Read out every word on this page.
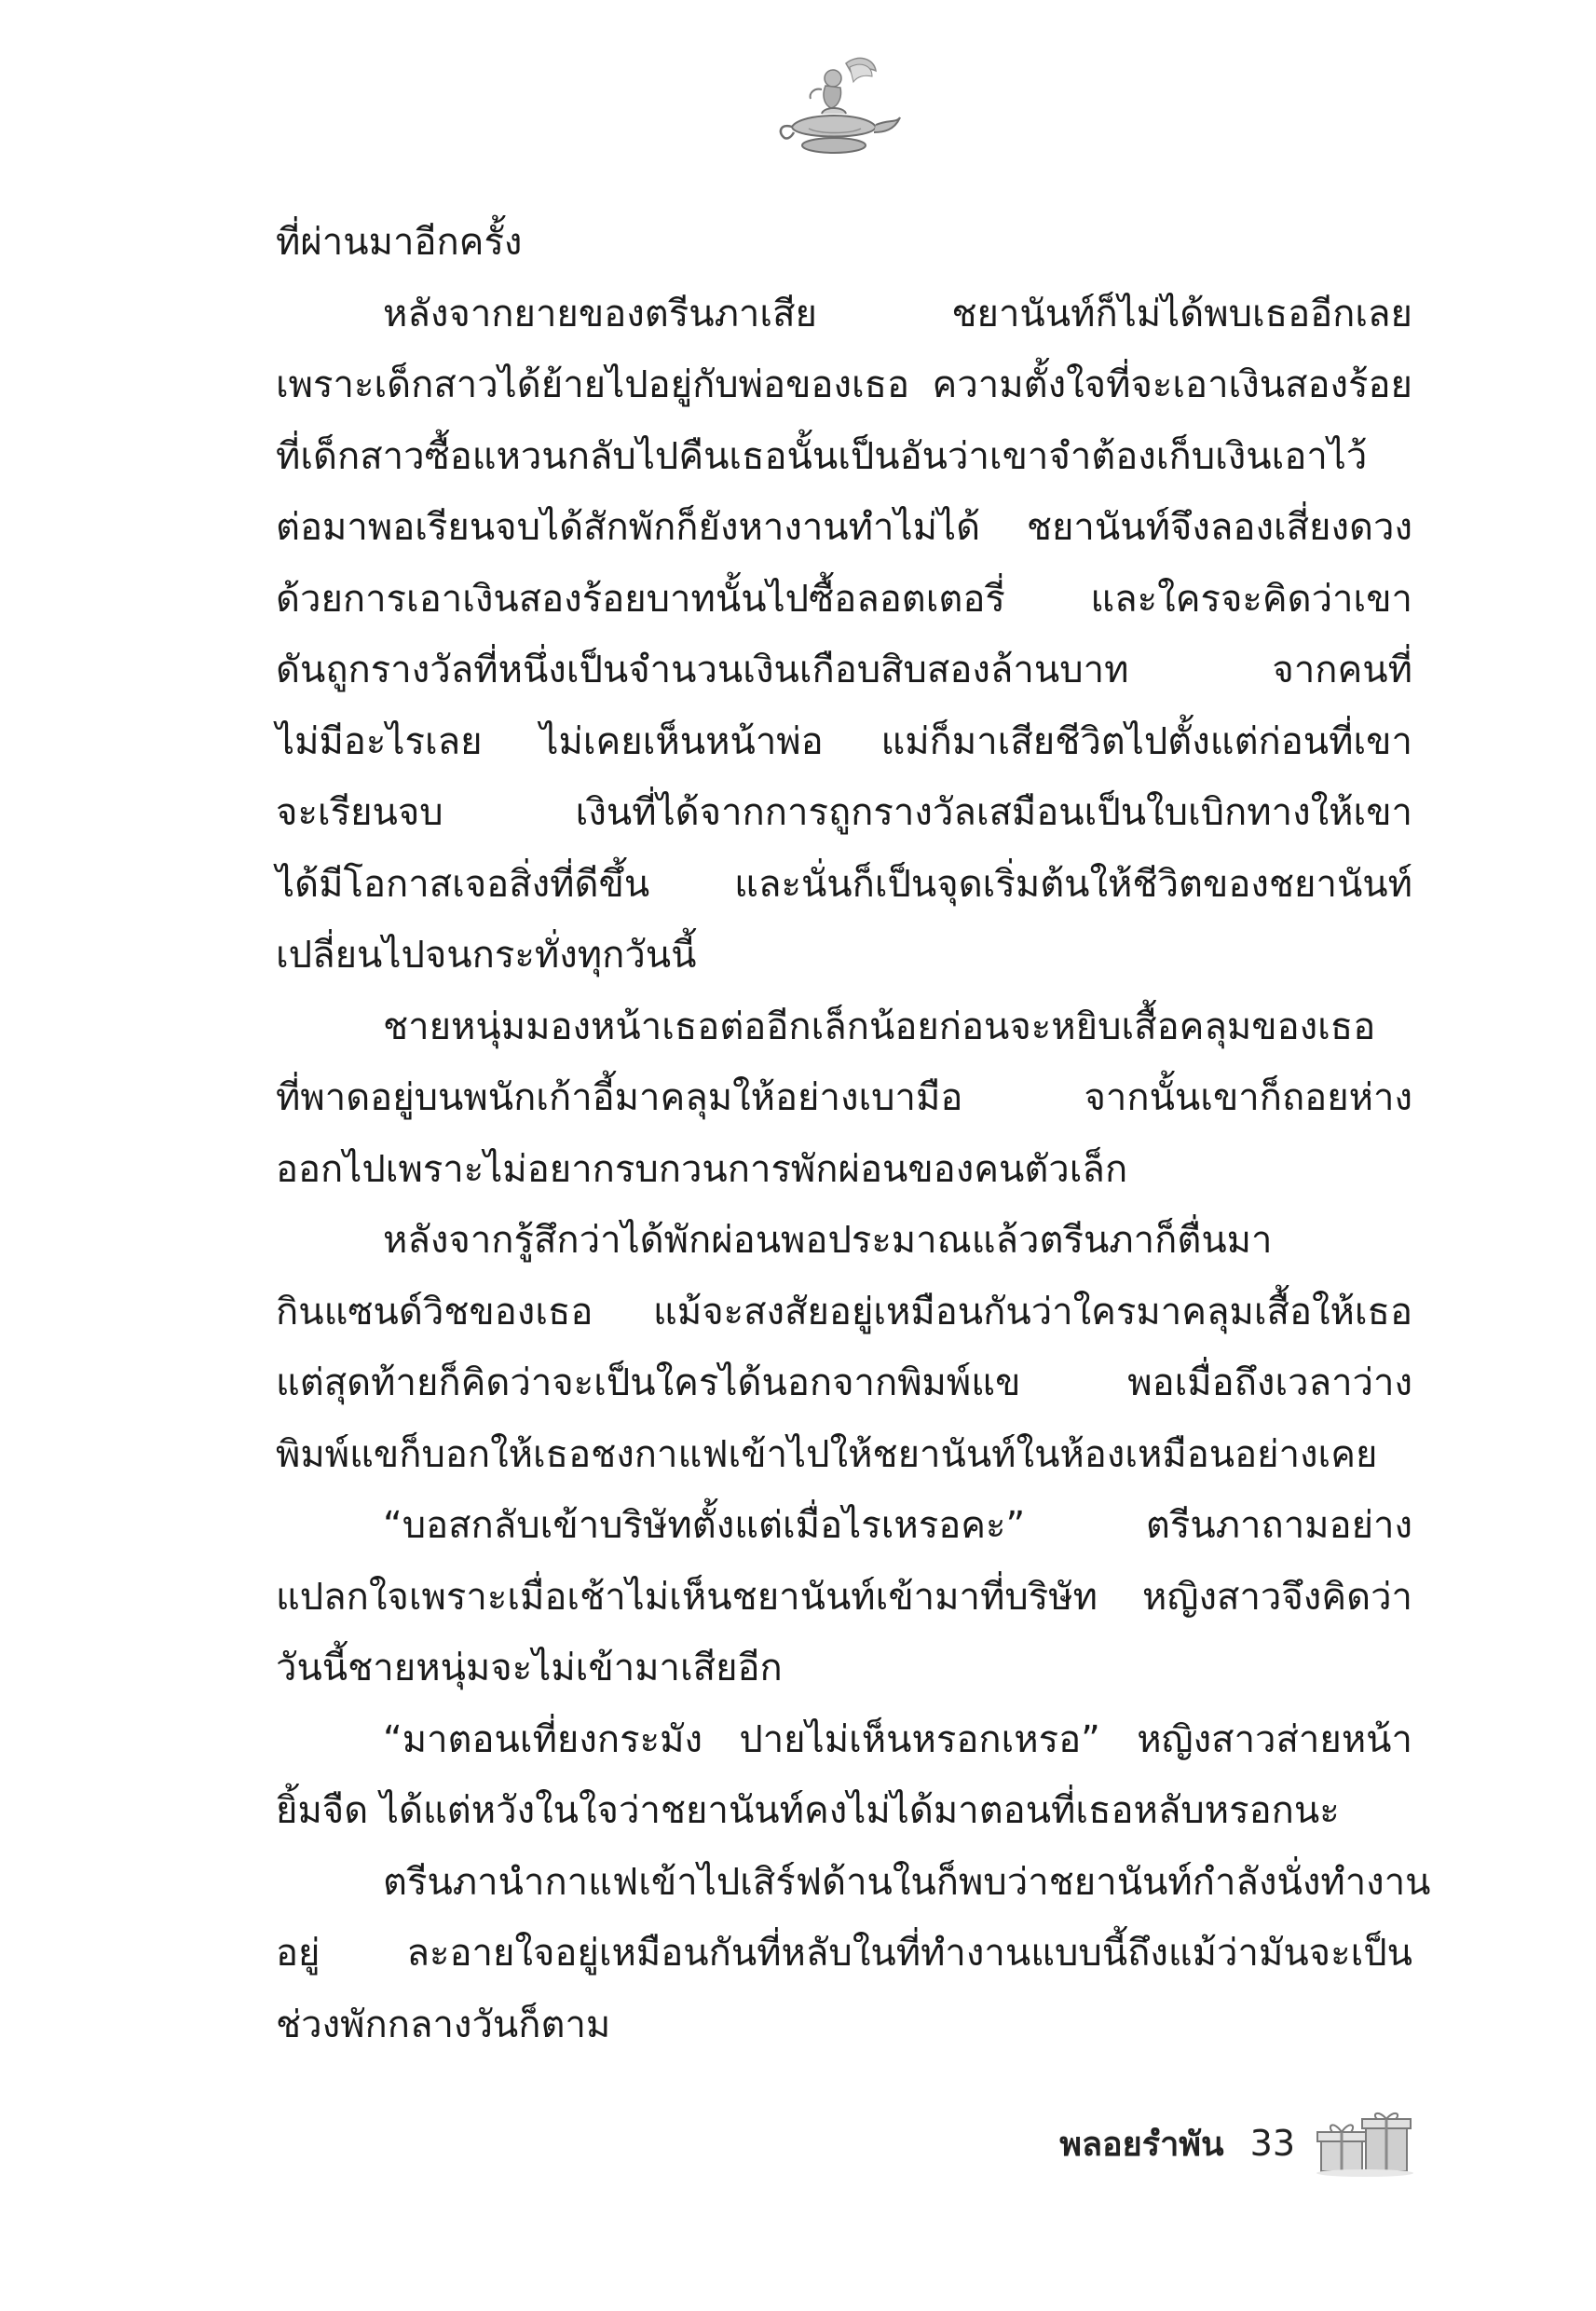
ที่ผ่านมาอีกครั้ง
หลังจากยายของตรีนภาเสีย ชยานันท์ก็ไม่ได้พบเธออีกเลย
เพราะเด็กสาวได้ย้ายไปอยู่กับพ่อของเธอ ความตั้งใจที่จะเอาเงินสองร้อย
ที่เด็กสาวซื้อแหวนกลับไปคืนเธอนั้นเป็นอันว่าเขาจำต้องเก็บเงินเอาไว้
ต่อมาพอเรียนจบได้สักพักก็ยังหางานทำไม่ได้ ชยานันท์จึงลองเสี่ยงดวง
ด้วยการเอาเงินสองร้อยบาทนั้นไปซื้อลอตเตอรี่ และใครจะคิดว่าเขา
ดันถูกรางวัลที่หนึ่งเป็นจำนวนเงินเกือบสิบสองล้านบาท จากคนที่
ไม่มีอะไรเลย ไม่เคยเห็นหน้าพ่อ แม่ก็มาเสียชีวิตไปตั้งแต่ก่อนที่เขา
จะเรียนจบ เงินที่ได้จากการถูกรางวัลเสมือนเป็นใบเบิกทางให้เขา
ได้มีโอกาสเจอสิ่งที่ดีขึ้น และนั่นก็เป็นจุดเริ่มต้นให้ชีวิตของชยานันท์
เปลี่ยนไปจนกระทั่งทุกวันนี้
ชายหนุ่มมองหน้าเธอต่ออีกเล็กน้อยก่อนจะหยิบเสื้อคลุมของเธอ
ที่พาดอยู่บนพนักเก้าอี้มาคลุมให้อย่างเบามือ จากนั้นเขาก็ถอยห่าง
ออกไปเพราะไม่อยากรบกวนการพักผ่อนของคนตัวเล็ก
หลังจากรู้สึกว่าได้พักผ่อนพอประมาณแล้วตรีนภาก็ตื่นมา
กินแซนด์วิชของเธอ แม้จะสงสัยอยู่เหมือนกันว่าใครมาคลุมเสื้อให้เธอ
แต่สุดท้ายก็คิดว่าจะเป็นใครได้นอกจากพิมพ์แข พอเมื่อถึงเวลาว่าง
พิมพ์แขก็บอกให้เธอชงกาแฟเข้าไปให้ชยานันท์ในห้องเหมือนอย่างเคย
“บอสกลับเข้าบริษัทตั้งแต่เมื่อไรเหรอคะ” ตรีนภาถามอย่าง
แปลกใจเพราะเมื่อเช้าไม่เห็นชยานันท์เข้ามาที่บริษัท หญิงสาวจึงคิดว่า
วันนี้ชายหนุ่มจะไม่เข้ามาเสียอีก
“มาตอนเที่ยงกระมัง ปายไม่เห็นหรอกเหรอ” หญิงสาวส่ายหน้า
ยิ้มจืด ได้แต่หวังในใจว่าชยานันท์คงไม่ได้มาตอนที่เธอหลับหรอกนะ
ตรีนภานำกาแฟเข้าไปเสิร์ฟด้านในก็พบว่าชยานันท์กำลังนั่งทำงาน
อยู่ ละอายใจอยู่เหมือนกันที่หลับในที่ทำงานแบบนี้ถึงแม้ว่ามันจะเป็น
ช่วงพักกลางวันก็ตาม
พลอยรำพัน 33
